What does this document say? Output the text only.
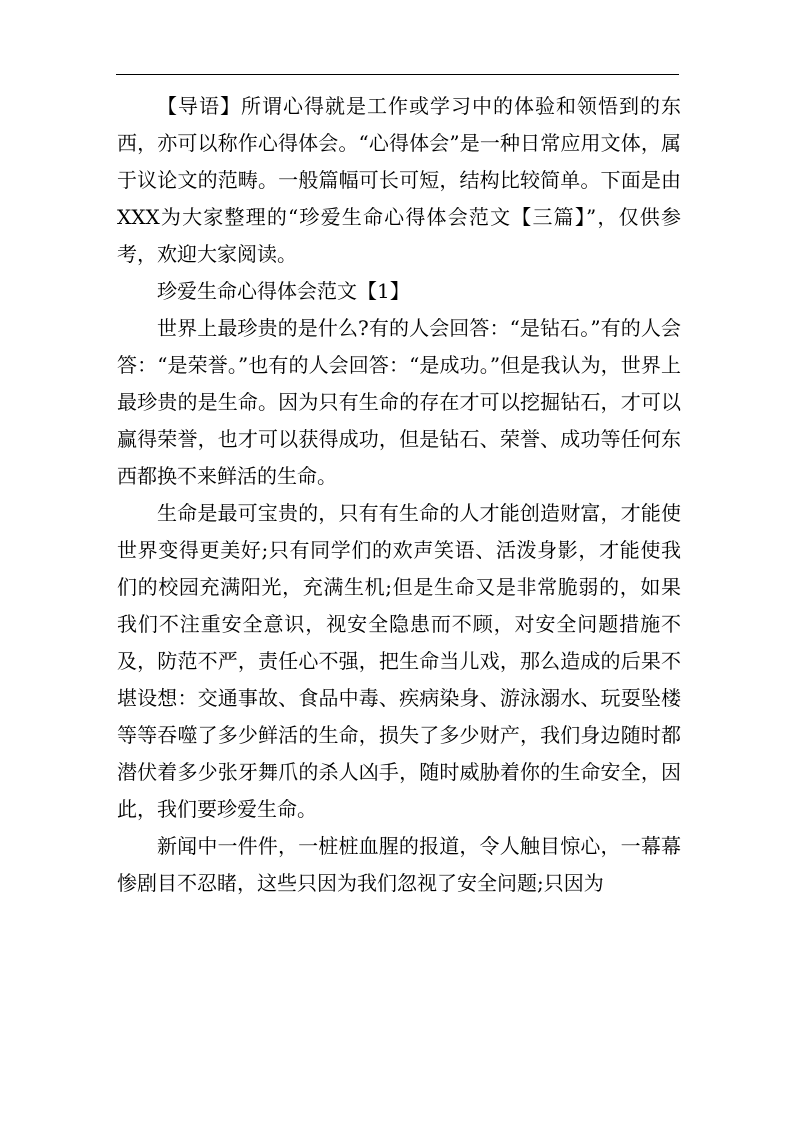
【导语】所谓心得就是工作或学习中的体验和领悟到的东西，亦可以称作心得体会。“心得体会”是一种日常应用文体，属于议论文的范畴。一般篇幅可长可短，结构比较简单。下面是由XXX为大家整理的“珍爱生命心得体会范文【三篇】”，仅供参考，欢迎大家阅读。

珍爱生命心得体会范文【1】

世界上最珍贵的是什么?有的人会回答：“是钻石。”有的人会答：“是荣誉。”也有的人会回答：“是成功。”但是我认为，世界上最珍贵的是生命。因为只有生命的存在才可以挖掘钻石，才可以赢得荣誉，也才可以获得成功，但是钻石、荣誉、成功等任何东西都换不来鲜活的生命。

生命是最可宝贵的，只有有生命的人才能创造财富，才能使世界变得更美好;只有同学们的欢声笑语、活泼身影，才能使我们的校园充满阳光，充满生机;但是生命又是非常脆弱的，如果我们不注重安全意识，视安全隐患而不顾，对安全问题措施不及，防范不严，责任心不强，把生命当儿戏，那么造成的后果不堪设想：交通事故、食品中毒、疾病染身、游泳溺水、玩耍坠楼等等吞噬了多少鲜活的生命，损失了多少财产，我们身边随时都潜伏着多少张牙舞爪的杀人凶手，随时威胁着你的生命安全，因此，我们要珍爱生命。

新闻中一件件，一桩桩血腥的报道，令人触目惊心，一幕幕惨剧目不忍睹，这些只因为我们忽视了安全问题;只因为
